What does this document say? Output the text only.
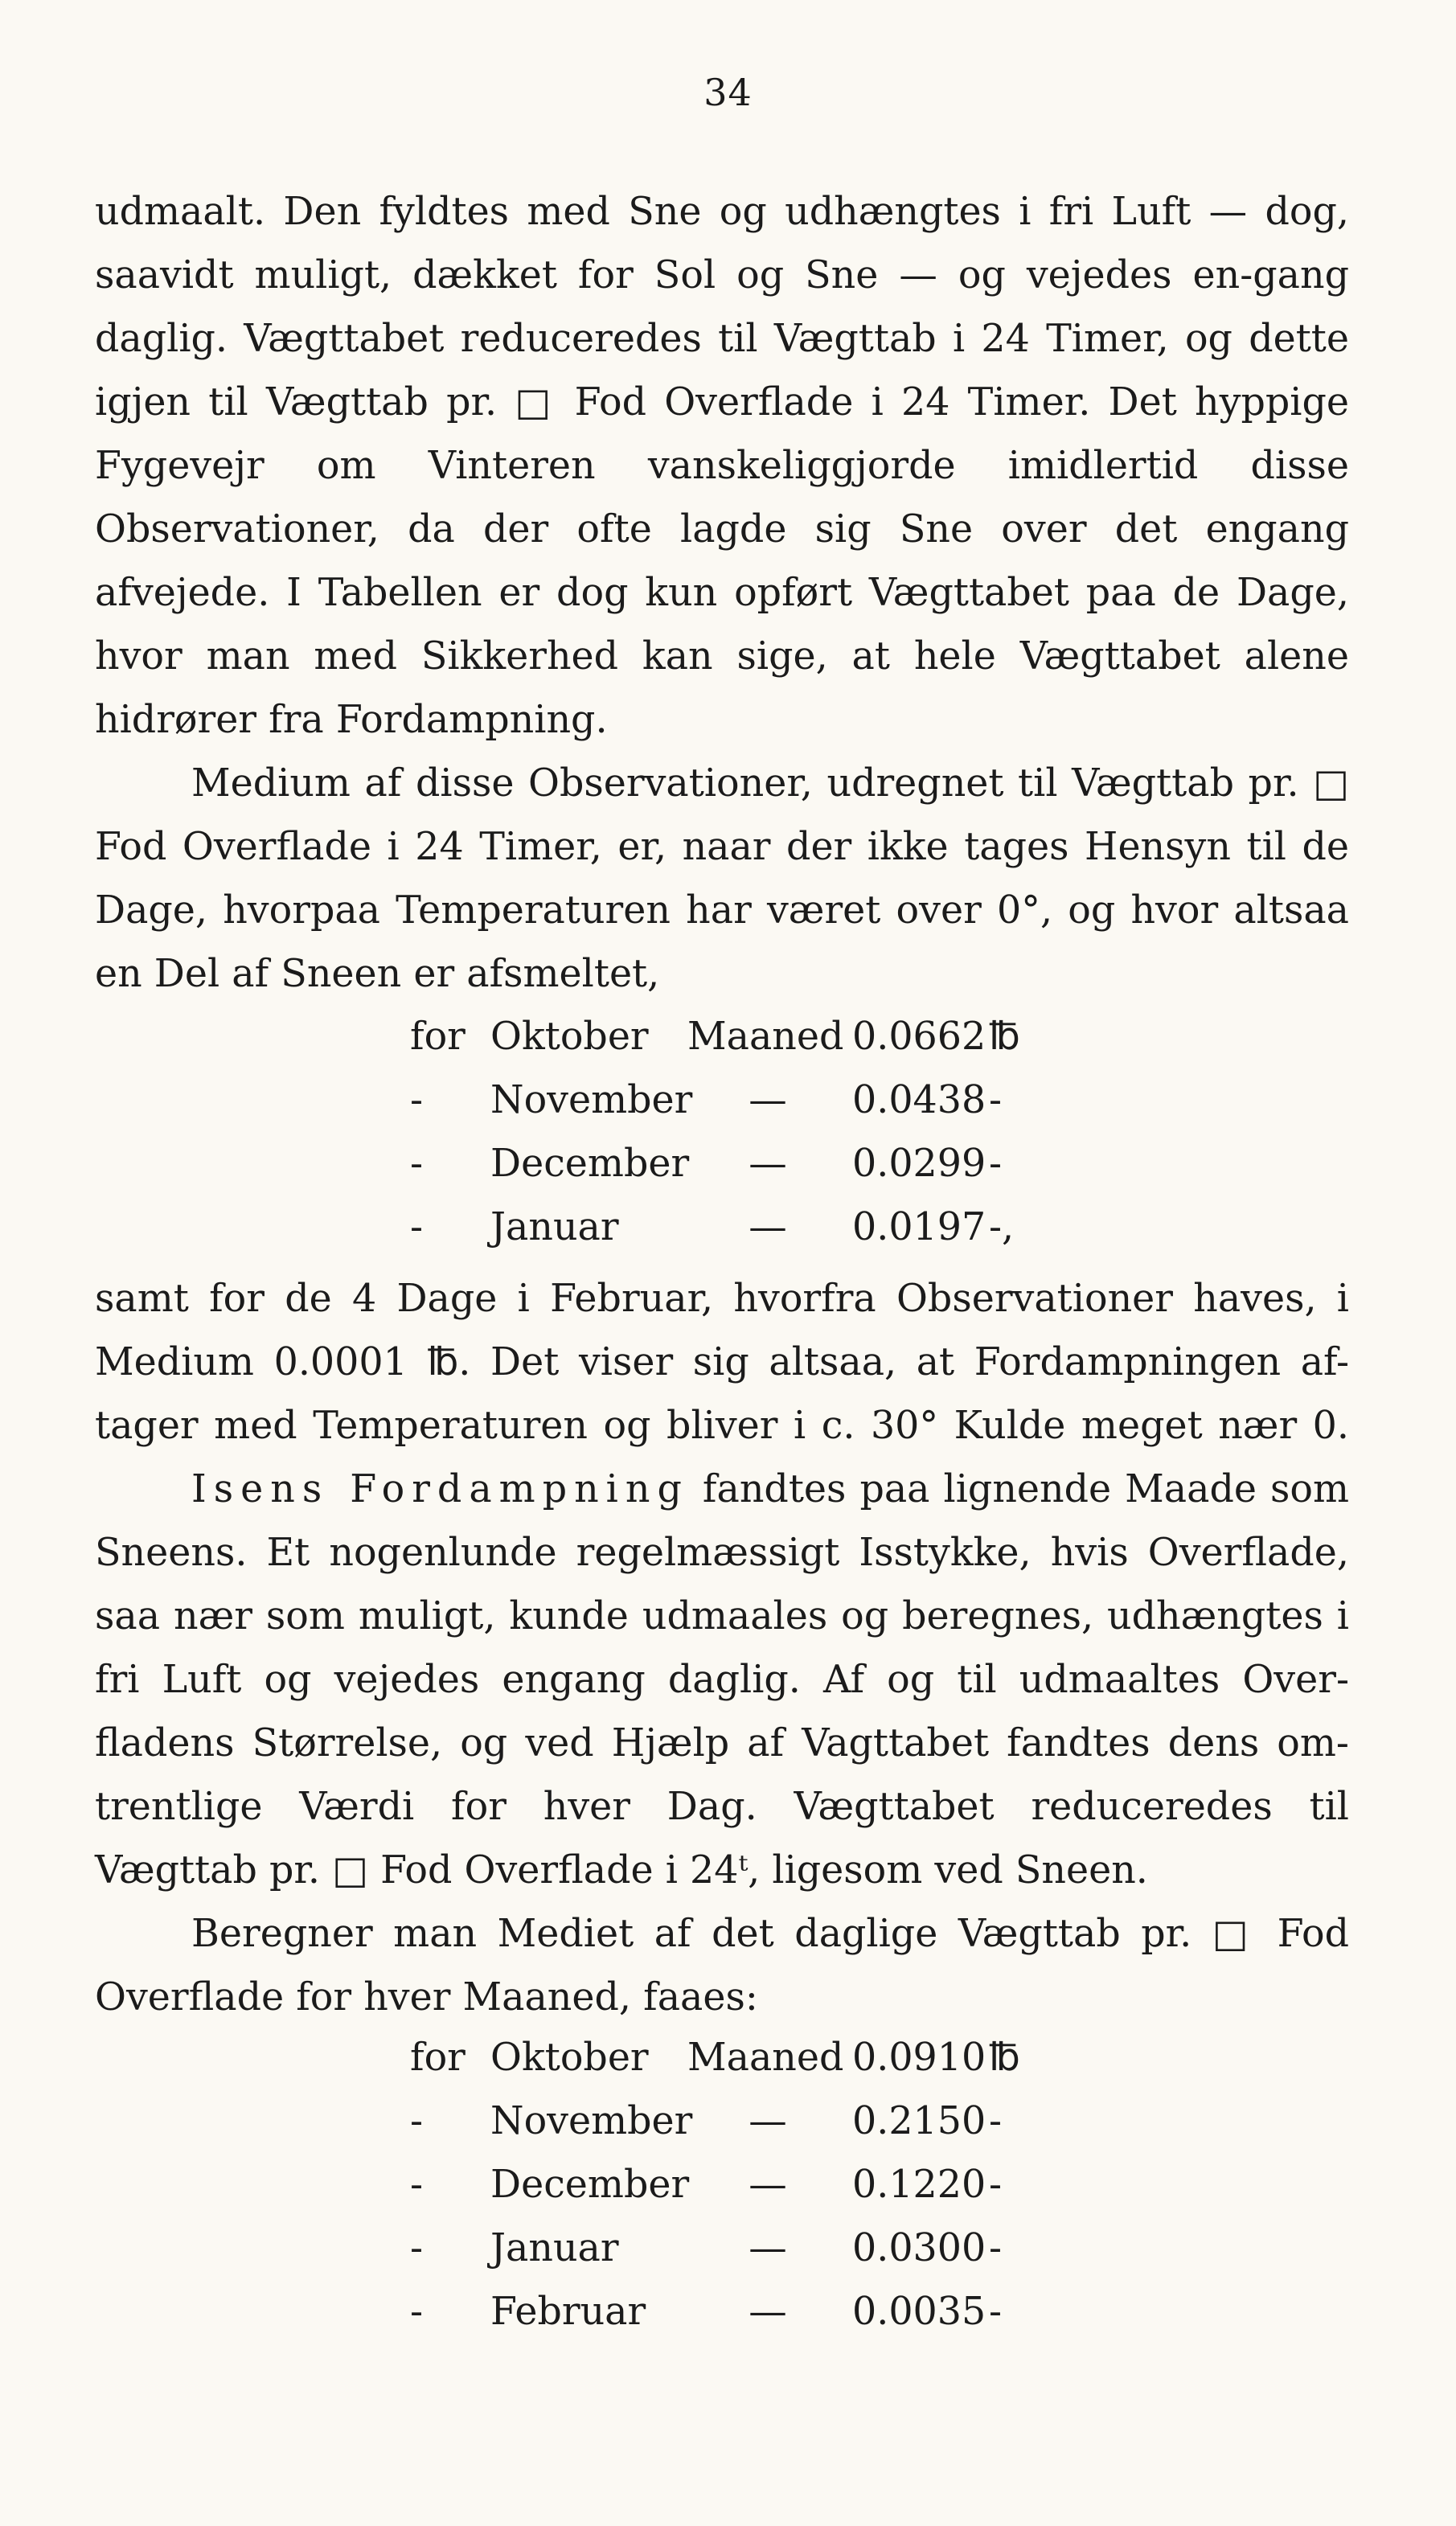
34

udmaalt. Den fyldtes med Sne og udhængtes i fri Luft — dog, saavidt muligt, dækket for Sol og Sne — og vejedes en-gang daglig. Vægttabet reduceredes til Vægttab i 24 Timer, og dette igjen til Vægttab pr. □ Fod Overflade i 24 Timer. Det hyppige Fygevejr om Vinteren vanskeliggjorde imidlertid disse Observationer, da der ofte lagde sig Sne over det engang afvejede. I Tabellen er dog kun opført Vægttabet paa de Dage, hvor man med Sikkerhed kan sige, at hele Vægttabet alene hidrører fra Fordampning.

Medium af disse Observationer, udregnet til Vægttab pr. □ Fod Overflade i 24 Timer, er, naar der ikke tages Hensyn til de Dage, hvorpaa Temperaturen har været over 0°, og hvor altsaa en Del af Sneen er afsmeltet,

for Oktober	Maaned 0.0662 ℔
-	November	—	0.0438 -
-	December	—	0.0299 -
-	Januar	—	0.0197 -,
samt for de 4 Dage i Februar, hvorfra Observationer haves, i
Medium 0.0001 ℔. Det viser sig altsaa, at Fordampningen af-
tager med Temperaturen og bliver i c. 30° Kulde meget nær 0.

Isens Fordampning fandtes paa lignende Maade som Sneens. Et nogenlunde regelmæssigt Isstykke, hvis Overflade, saa nær som muligt, kunde udmaales og beregnes, udhængtes i fri Luft og vejedes engang daglig. Af og til udmaaltes Over-fladens Størrelse, og ved Hjælp af Vagttabet fandtes dens om-trentlige Værdi for hver Dag. Vægttabet reduceredes til Vægttab pr. □ Fod Overflade i 24ᵗ, ligesom ved Sneen.

Beregner man Mediet af det daglige Vægttab pr. □ Fod Overflade for hver Maaned, faaes:

for Oktober	Maaned 0.0910 ℔
-	November	—	0.2150 -
-	December	—	0.1220 -
-	Januar	—	0.0300 -
-	Februar	—	0.0035 -
